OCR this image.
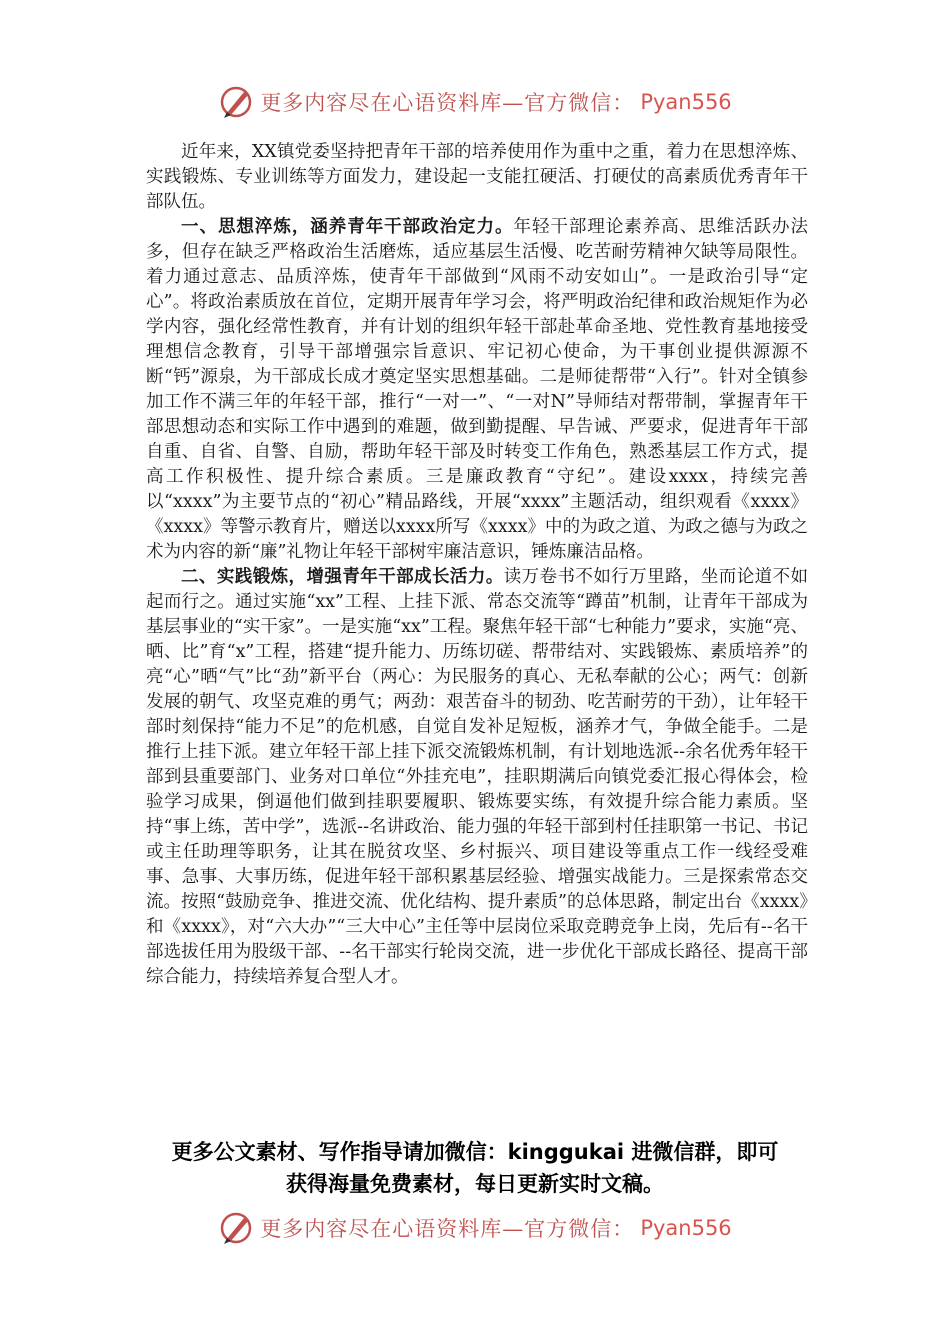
更多内容尽在心语资料库—官方微信： Pyan556

近年来，XX镇党委坚持把青年干部的培养使用作为重中之重，着力在思想淬炼、实践锻炼、专业训练等方面发力，建设起一支能扛硬活、打硬仗的高素质优秀青年干部队伍。

一、思想淬炼，涵养青年干部政治定力。年轻干部理论素养高、思维活跃办法多，但存在缺乏严格政治生活磨炼，适应基层生活慢、吃苦耐劳精神欠缺等局限性。着力通过意志、品质淬炼，使青年干部做到“风雨不动安如山”。一是政治引导“定心”。将政治素质放在首位，定期开展青年学习会，将严明政治纪律和政治规矩作为必学内容，强化经常性教育，并有计划的组织年轻干部赴革命圣地、党性教育基地接受理想信念教育，引导干部增强宗旨意识、牢记初心使命，为干事创业提供源源不断“钙”源泉，为干部成长成才奠定坚实思想基础。二是师徒帮带“入行”。针对全镇参加工作不满三年的年轻干部，推行“一对一”、“一对N”导师结对帮带制，掌握青年干部思想动态和实际工作中遇到的难题，做到勤提醒、早告诫、严要求，促进青年干部自重、自省、自警、自励，帮助年轻干部及时转变工作角色，熟悉基层工作方式，提高工作积极性、提升综合素质。三是廉政教育“守纪”。建设xxxx，持续完善以“xxxx”为主要节点的“初心”精品路线，开展“xxxx”主题活动，组织观看《xxxx》《xxxx》等警示教育片，赠送以xxxx所写《xxxx》中的为政之道、为政之德与为政之术为内容的新“廉”礼物让年轻干部树牢廉洁意识，锤炼廉洁品格。

二、实践锻炼，增强青年干部成长活力。读万卷书不如行万里路，坐而论道不如起而行之。通过实施“xx”工程、上挂下派、常态交流等“蹲苗”机制，让青年干部成为基层事业的“实干家”。一是实施“xx”工程。聚焦年轻干部“七种能力”要求，实施“亮、晒、比”育“x”工程，搭建“提升能力、历练切磋、帮带结对、实践锻炼、素质培养”的亮“心”晒“气”比“劲”新平台（两心：为民服务的真心、无私奉献的公心；两气：创新发展的朝气、攻坚克难的勇气；两劲：艰苦奋斗的韧劲、吃苦耐劳的干劲），让年轻干部时刻保持“能力不足”的危机感，自觉自发补足短板，涵养才气，争做全能手。二是推行上挂下派。建立年轻干部上挂下派交流锻炼机制，有计划地选派--余名优秀年轻干部到县重要部门、业务对口单位“外挂充电”，挂职期满后向镇党委汇报心得体会，检验学习成果，倒逼他们做到挂职要履职、锻炼要实练，有效提升综合能力素质。坚持“事上练，苦中学”，选派--名讲政治、能力强的年轻干部到村任挂职第一书记、书记或主任助理等职务，让其在脱贫攻坚、乡村振兴、项目建设等重点工作一线经受难事、急事、大事历练，促进年轻干部积累基层经验、增强实战能力。三是探索常态交流。按照“鼓励竞争、推进交流、优化结构、提升素质”的总体思路，制定出台《xxxx》和《xxxx》，对“六大办”“三大中心”主任等中层岗位采取竞聘竞争上岗，先后有--名干部选拔任用为股级干部、--名干部实行轮岗交流，进一步优化干部成长路径、提高干部综合能力，持续培养复合型人才。

更多公文素材、写作指导请加微信：kinggukai 进微信群，即可
获得海量免费素材，每日更新实时文稿。
更多内容尽在心语资料库—官方微信： Pyan556
